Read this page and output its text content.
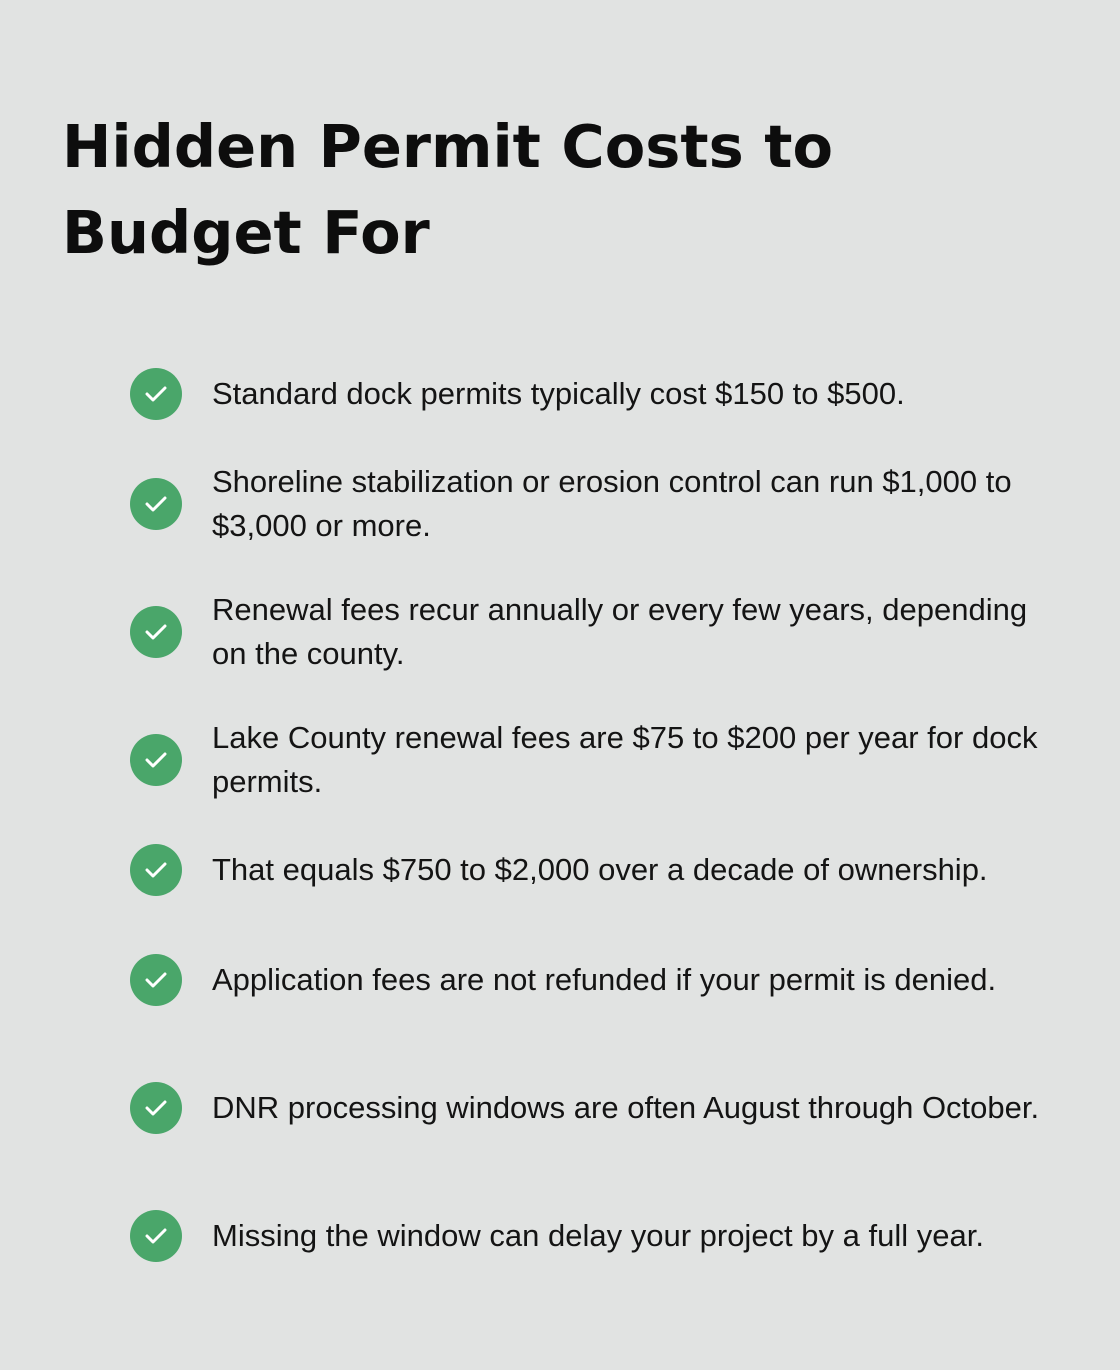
Hidden Permit Costs to Budget For
Standard dock permits typically cost $150 to $500.
Shoreline stabilization or erosion control can run $1,000 to $3,000 or more.
Renewal fees recur annually or every few years, depending on the county.
Lake County renewal fees are $75 to $200 per year for dock permits.
That equals $750 to $2,000 over a decade of ownership.
Application fees are not refunded if your permit is denied.
DNR processing windows are often August through October.
Missing the window can delay your project by a full year.
